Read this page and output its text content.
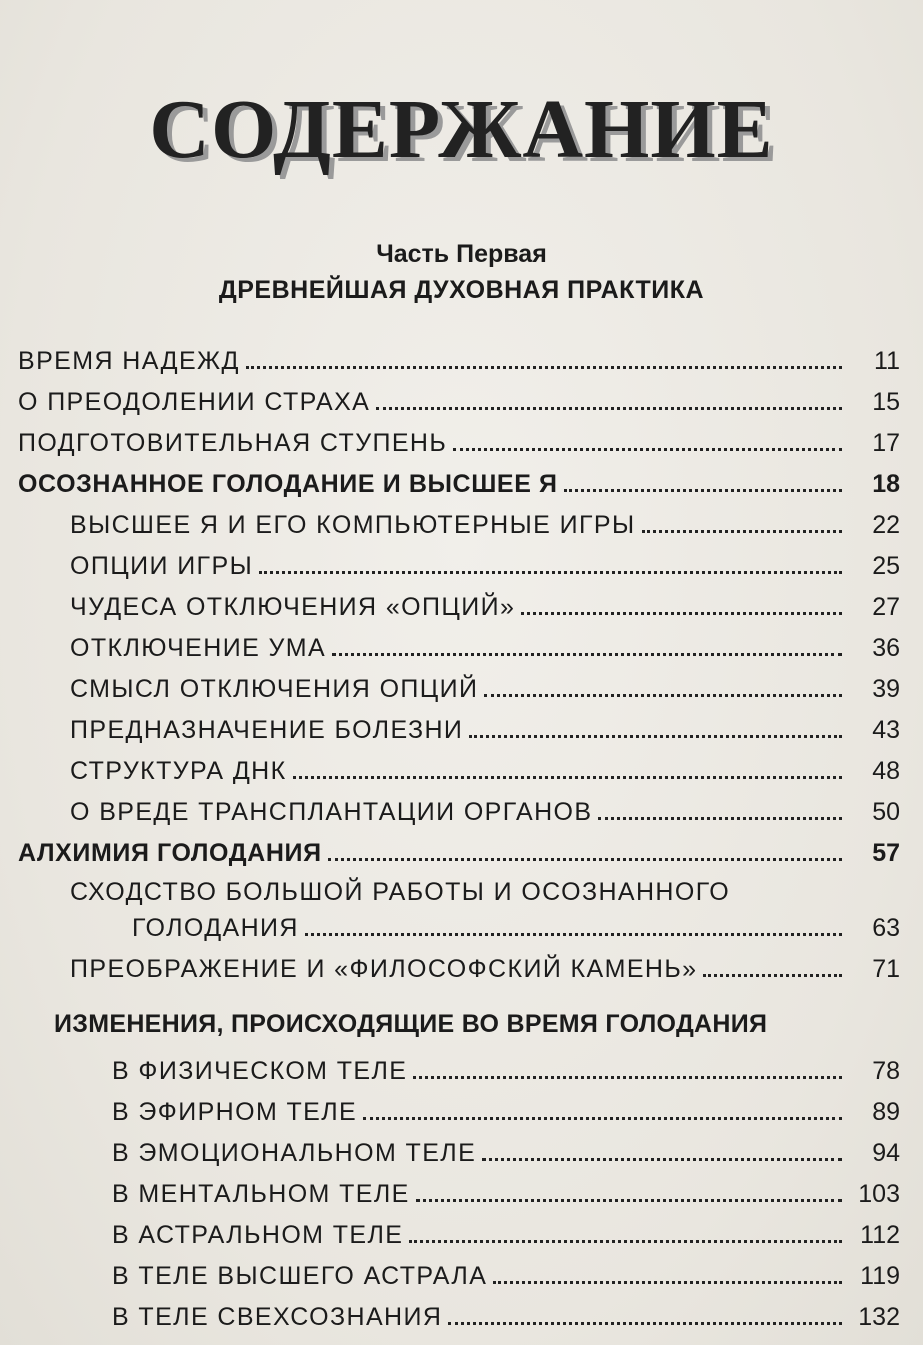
СОДЕРЖАНИЕ
Часть Первая
ДРЕВНЕЙШАЯ ДУХОВНАЯ ПРАКТИКА
ВРЕМЯ НАДЕЖД	11
О ПРЕОДОЛЕНИИ СТРАХА	15
ПОДГОТОВИТЕЛЬНАЯ СТУПЕНЬ	17
ОСОЗНАННОЕ ГОЛОДАНИЕ И ВЫСШЕЕ Я	18
ВЫСШЕЕ Я И ЕГО КОМПЬЮТЕРНЫЕ ИГРЫ	22
ОПЦИИ ИГРЫ	25
ЧУДЕСА ОТКЛЮЧЕНИЯ «ОПЦИЙ»	27
ОТКЛЮЧЕНИЕ УМА	36
СМЫСЛ ОТКЛЮЧЕНИЯ ОПЦИЙ	39
ПРЕДНАЗНАЧЕНИЕ БОЛЕЗНИ	43
СТРУКТУРА ДНК	48
О ВРЕДЕ ТРАНСПЛАНТАЦИИ ОРГАНОВ	50
АЛХИМИЯ ГОЛОДАНИЯ	57
СХОДСТВО БОЛЬШОЙ РАБОТЫ И ОСОЗНАННОГО
ГОЛОДАНИЯ	63
ПРЕОБРАЖЕНИЕ И «ФИЛОСОФСКИЙ КАМЕНЬ»	71
ИЗМЕНЕНИЯ, ПРОИСХОДЯЩИЕ ВО ВРЕМЯ ГОЛОДАНИЯ
В ФИЗИЧЕСКОМ ТЕЛЕ	78
В ЭФИРНОМ ТЕЛЕ	89
В ЭМОЦИОНАЛЬНОМ ТЕЛЕ	94
В МЕНТАЛЬНОМ ТЕЛЕ	103
В АСТРАЛЬНОМ ТЕЛЕ	112
В ТЕЛЕ ВЫСШЕГО АСТРАЛА	119
В ТЕЛЕ СВЕХСОЗНАНИЯ	132
